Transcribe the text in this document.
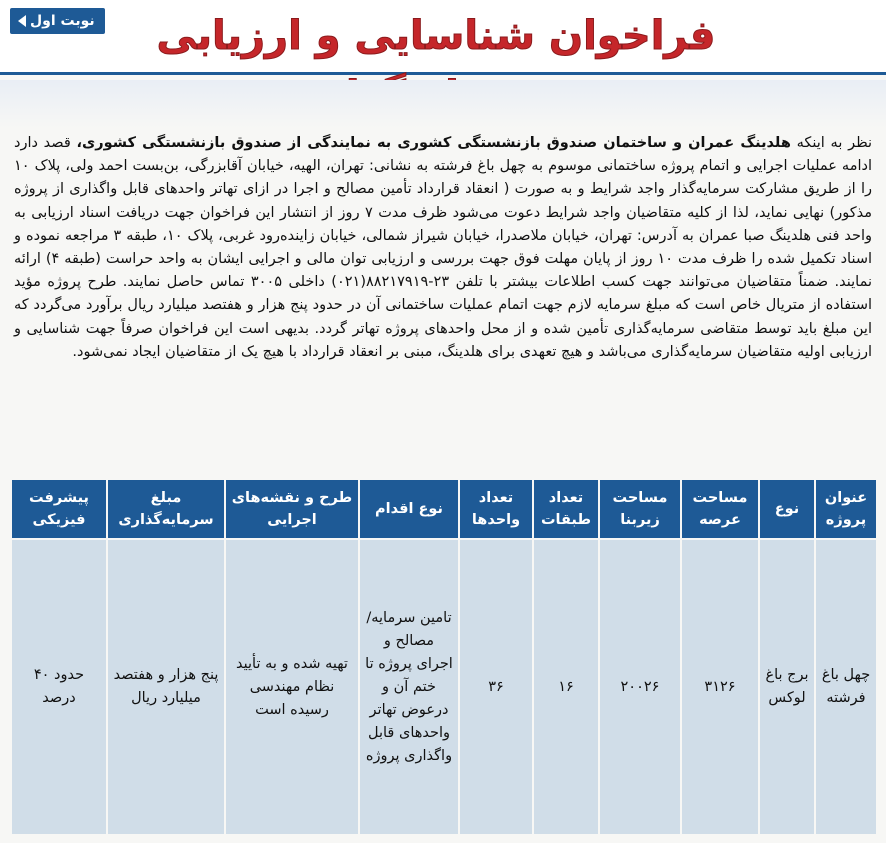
فراخوان شناسایی و ارزیابی
نوبت اول
نظر به اینکه هلدینگ عمران و ساختمان صندوق بازنشستگی کشوری به نمایندگی از صندوق بازنشستگی کشوری، قصد دارد ادامه عملیات اجرایی و اتمام پروژه ساختمانی موسوم به چهل باغ فرشته به نشانی: تهران، الهیه، خیابان آقابزرگی، بن‌بست احمد ولی، پلاک ۱۰ را از طریق مشارکت سرمایه‌گذار واجد شرایط و به صورت ( انعقاد قرارداد تأمین مصالح و اجرا در ازای تهاتر واحدهای قابل واگذاری از پروژه مذکور) نهایی نماید، لذا از کلیه متقاضیان واجد شرایط دعوت می‌شود ظرف مدت ۷ روز از انتشار این فراخوان جهت دریافت اسناد ارزیابی به واحد فنی هلدینگ صبا عمران به آدرس: تهران، خیابان ملاصدرا، خیابان شیراز شمالی، خیابان زاینده‌رود غربی، پلاک ۱۰، طبقه ۳ مراجعه نموده و اسناد تکمیل شده را ظرف مدت ۱۰ روز از پایان مهلت فوق جهت بررسی و ارزیابی توان مالی و اجرایی ایشان به واحد حراست (طبقه ۴) ارائه نمایند. ضمناً متقاضیان می‌توانند جهت کسب اطلاعات بیشتر با تلفن ۲۳-۸۸۲۱۷۹۱۹(۰۲۱) داخلی ۳۰۰۵ تماس حاصل نمایند. طرح پروژه مؤید استفاده از متریال خاص است که مبلغ سرمایه لازم جهت اتمام عملیات ساختمانی آن در حدود پنج هزار و هفتصد میلیارد ریال برآورد می‌گردد که این مبلغ باید توسط متقاضی سرمایه‌گذاری تأمین شده و از محل واحدهای پروژه تهاتر گردد. بدیهی است این فراخوان صرفاً جهت شناسایی و ارزیابی اولیه متقاضیان سرمایه‌گذاری می‌باشد و هیچ تعهدی برای هلدینگ، مبنی بر انعقاد قرارداد با هیچ یک از متقاضیان ایجاد نمی‌شود.
عنوان پروژه	نوع	مساحت عرصه	مساحت زیربنا	تعداد طبقات	تعداد واحدها	نوع اقدام	طرح و نقشه‌های اجرایی	مبلغ سرمایه‌گذاری	پیشرفت فیزیکی
چهل باغ فرشته	برج باغ لوکس	۳۱۲۶	۲۰۰۲۶	۱۶	۳۶	تامین سرمایه/ مصالح و اجرای پروژه تا ختم آن و درعوض تهاتر واحدهای قابل واگذاری پروژه	تهیه شده و به تأیید نظام مهندسی رسیده است	پنج هزار و هفتصد میلیارد ریال	حدود ۴۰ درصد
